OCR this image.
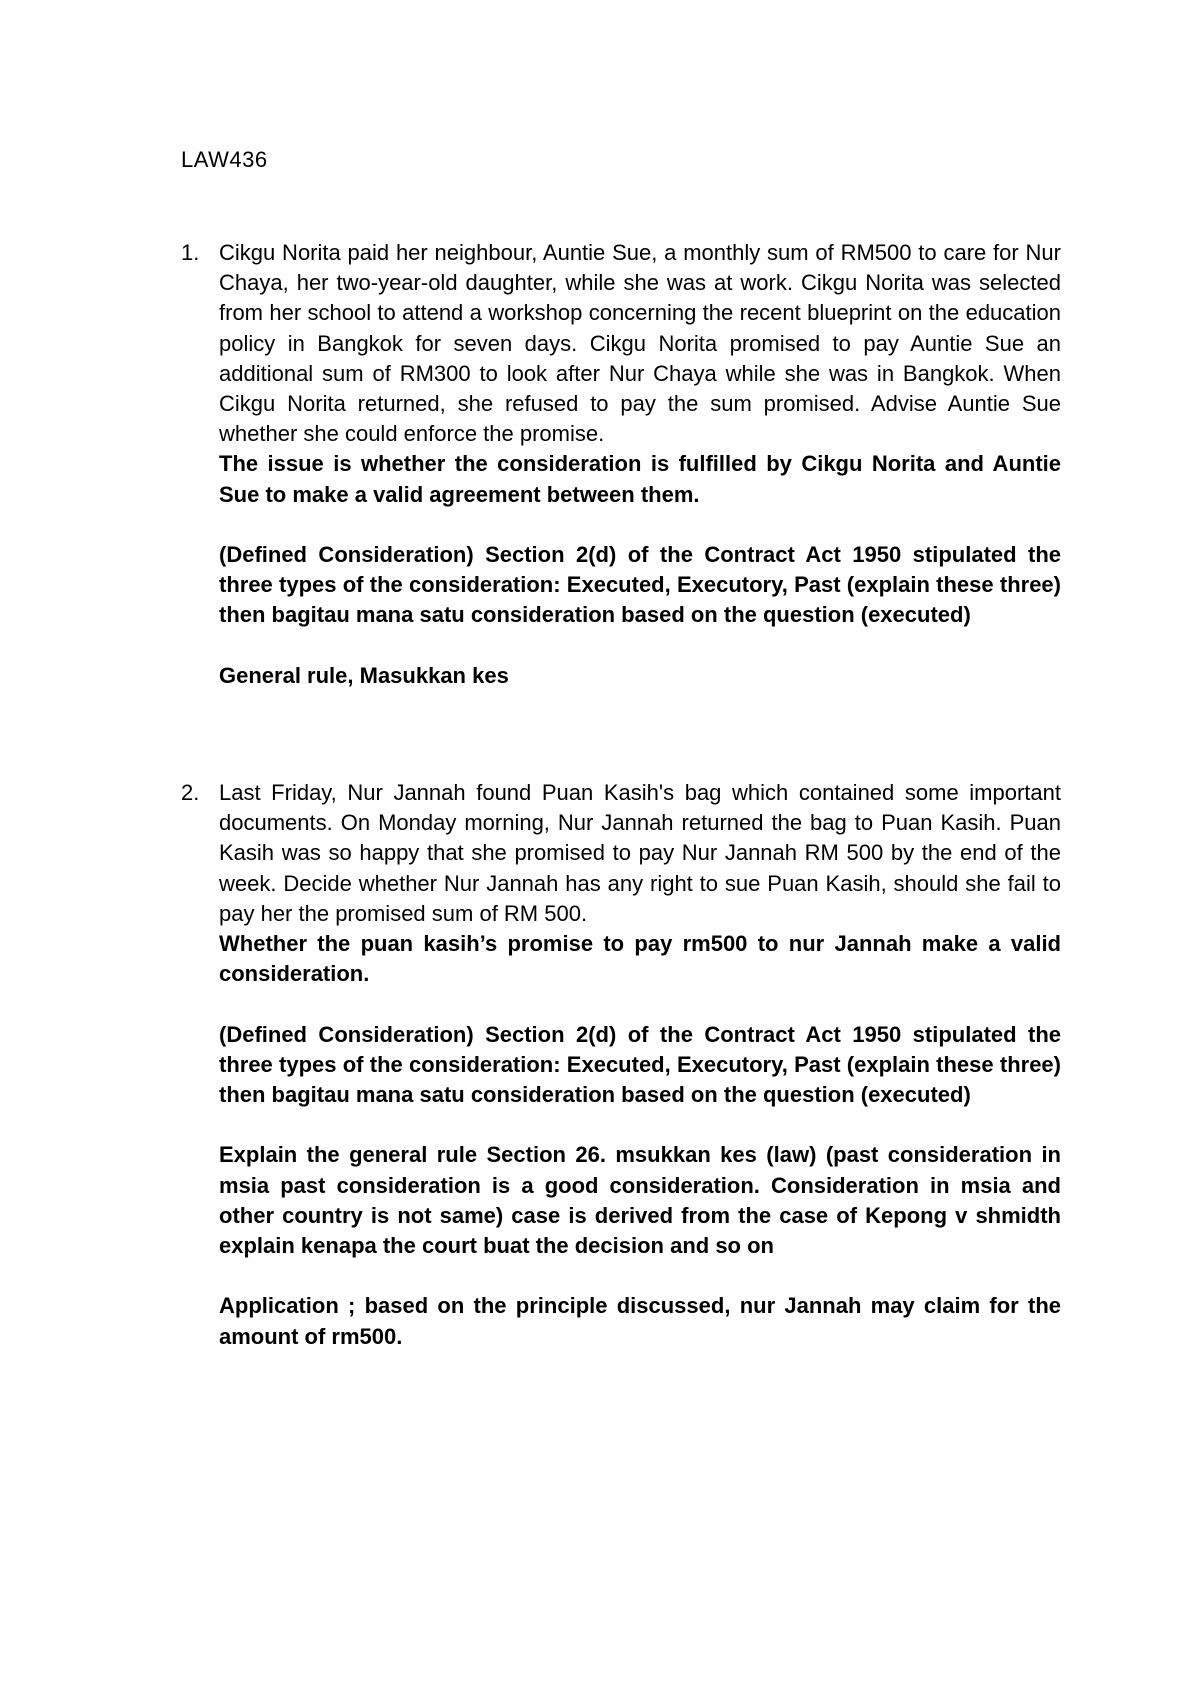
LAW436
1. Cikgu Norita paid her neighbour, Auntie Sue, a monthly sum of RM500 to care for Nur Chaya, her two-year-old daughter, while she was at work. Cikgu Norita was selected from her school to attend a workshop concerning the recent blueprint on the education policy in Bangkok for seven days. Cikgu Norita promised to pay Auntie Sue an additional sum of RM300 to look after Nur Chaya while she was in Bangkok. When Cikgu Norita returned, she refused to pay the sum promised. Advise Auntie Sue whether she could enforce the promise.

The issue is whether the consideration is fulfilled by Cikgu Norita and Auntie Sue to make a valid agreement between them.

(Defined Consideration) Section 2(d) of the Contract Act 1950 stipulated the three types of the consideration: Executed, Executory, Past (explain these three) then bagitau mana satu consideration based on the question (executed)

General rule, Masukkan kes

2. Last Friday, Nur Jannah found Puan Kasih's bag which contained some important documents. On Monday morning, Nur Jannah returned the bag to Puan Kasih. Puan Kasih was so happy that she promised to pay Nur Jannah RM 500 by the end of the week. Decide whether Nur Jannah has any right to sue Puan Kasih, should she fail to pay her the promised sum of RM 500.

Whether the puan kasih’s promise to pay rm500 to nur Jannah make a valid consideration.

(Defined Consideration) Section 2(d) of the Contract Act 1950 stipulated the three types of the consideration: Executed, Executory, Past (explain these three) then bagitau mana satu consideration based on the question (executed)

Explain the general rule Section 26. msukkan kes (law) (past consideration in msia past consideration is a good consideration. Consideration in msia and other country is not same) case is derived from the case of Kepong v shmidth explain kenapa the court buat the decision and so on

Application ; based on the principle discussed, nur Jannah may claim for the amount of rm500.
